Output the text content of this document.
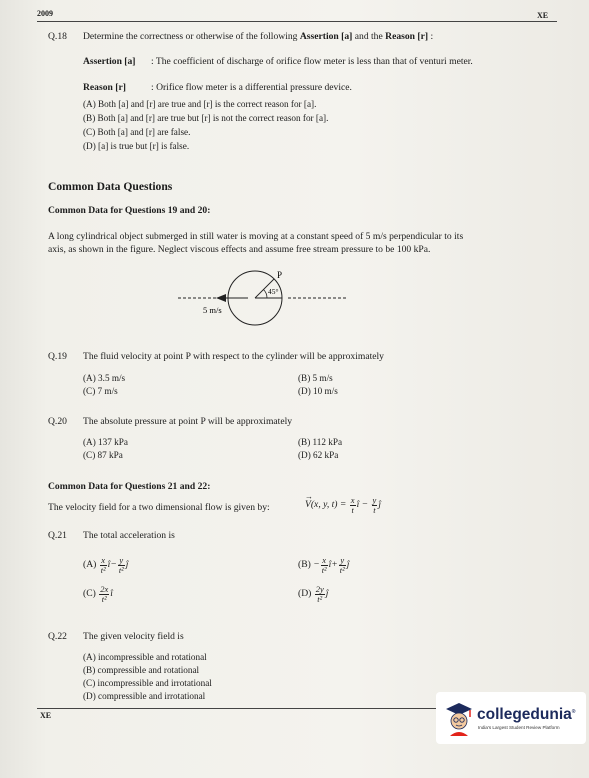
2009	XE
Q.18 Determine the correctness or otherwise of the following Assertion [a] and the Reason [r] :
Assertion [a] : The coefficient of discharge of orifice flow meter is less than that of venturi meter.
Reason [r]	: Orifice flow meter is a differential pressure device.
(A) Both [a] and [r] are true and [r] is the correct reason for [a].
(B) Both [a] and [r] are true but [r] is not the correct reason for [a].
(C) Both [a] and [r] are false.
(D) [a] is true but [r] is false.
Common Data Questions
Common Data for Questions 19 and 20:
A long cylindrical object submerged in still water is moving at a constant speed of 5 m/s perpendicular to its
axis, as shown in the figure. Neglect viscous effects and assume free stream pressure to be 100 kPa.
P
45°
5 m/s
Q.19 The fluid velocity at point P with respect to the cylinder will be approximately
(A) 3.5 m/s	(B) 5 m/s
(C) 7 m/s	(D) 10 m/s
Q.20 The absolute pressure at point P will be approximately
(A) 137 kPa	(B) 112 kPa
(C) 87 kPa	(D) 62 kPa
Common Data for Questions 21 and 22:
The velocity field for a two dimensional flow is given by:	V(x, y, t) =
→
	$\frac{x}{t}$ î − $\frac{y}{t}$ ĵ
Q.21 The total acceleration is
$(A) \frac{x}{\text{t²}}$ î− $\frac{y}{\text{t²}}$ ĵ	$(B) - \frac{x}{\text{t²}}$ î+ $\frac{y}{\text{t²}}$ ĵ
$(C) \frac{2x}{\text{t²}}$ î	$(D) \frac{2y}{\text{t²}}$ ĵ
Q.22 The given velocity field is
(A) incompressible and rotational
(B) compressible and rotational
(C) incompressible and irrotational
(D) compressible and irrotational
XE	collegedunia®
India's Largest Student Review Platform
